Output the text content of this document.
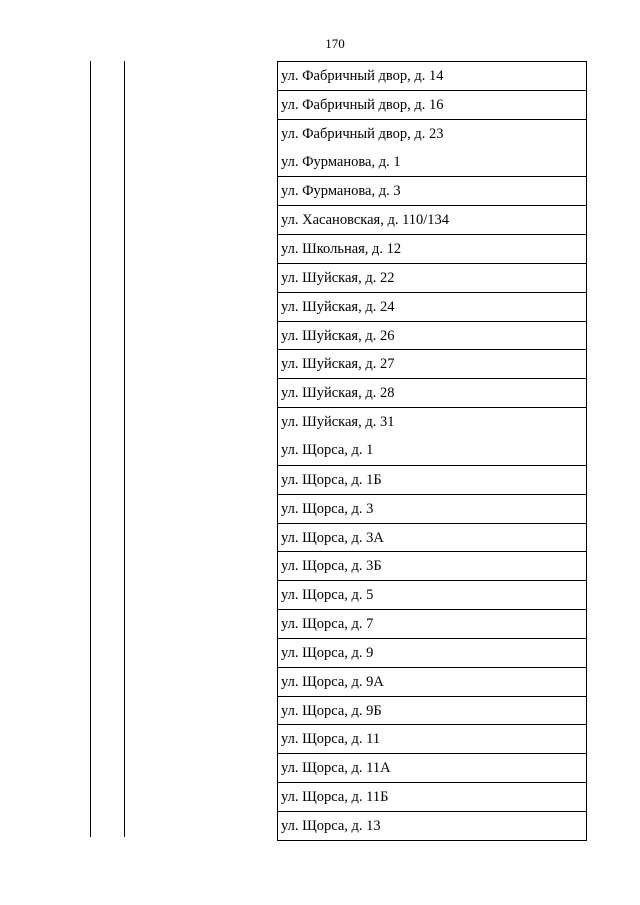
170
ул. Фабричный двор, д. 14
ул. Фабричный двор, д. 16
ул. Фабричный двор, д. 23
ул. Фурманова, д. 1
ул. Фурманова, д. 3
ул. Хасановская, д. 110/134
ул. Школьная, д. 12
ул. Шуйская, д. 22
ул. Шуйская, д. 24
ул. Шуйская, д. 26
ул. Шуйская, д. 27
ул. Шуйская, д. 28
ул. Шуйская, д. 31
ул. Щорса, д. 1
ул. Щорса, д. 1Б
ул. Щорса, д. 3
ул. Щорса, д. 3А
ул. Щорса, д. 3Б
ул. Щорса, д. 5
ул. Щорса, д. 7
ул. Щорса, д. 9
ул. Щорса, д. 9А
ул. Щорса, д. 9Б
ул. Щорса, д. 11
ул. Щорса, д. 11А
ул. Щорса, д. 11Б
ул. Щорса, д. 13
